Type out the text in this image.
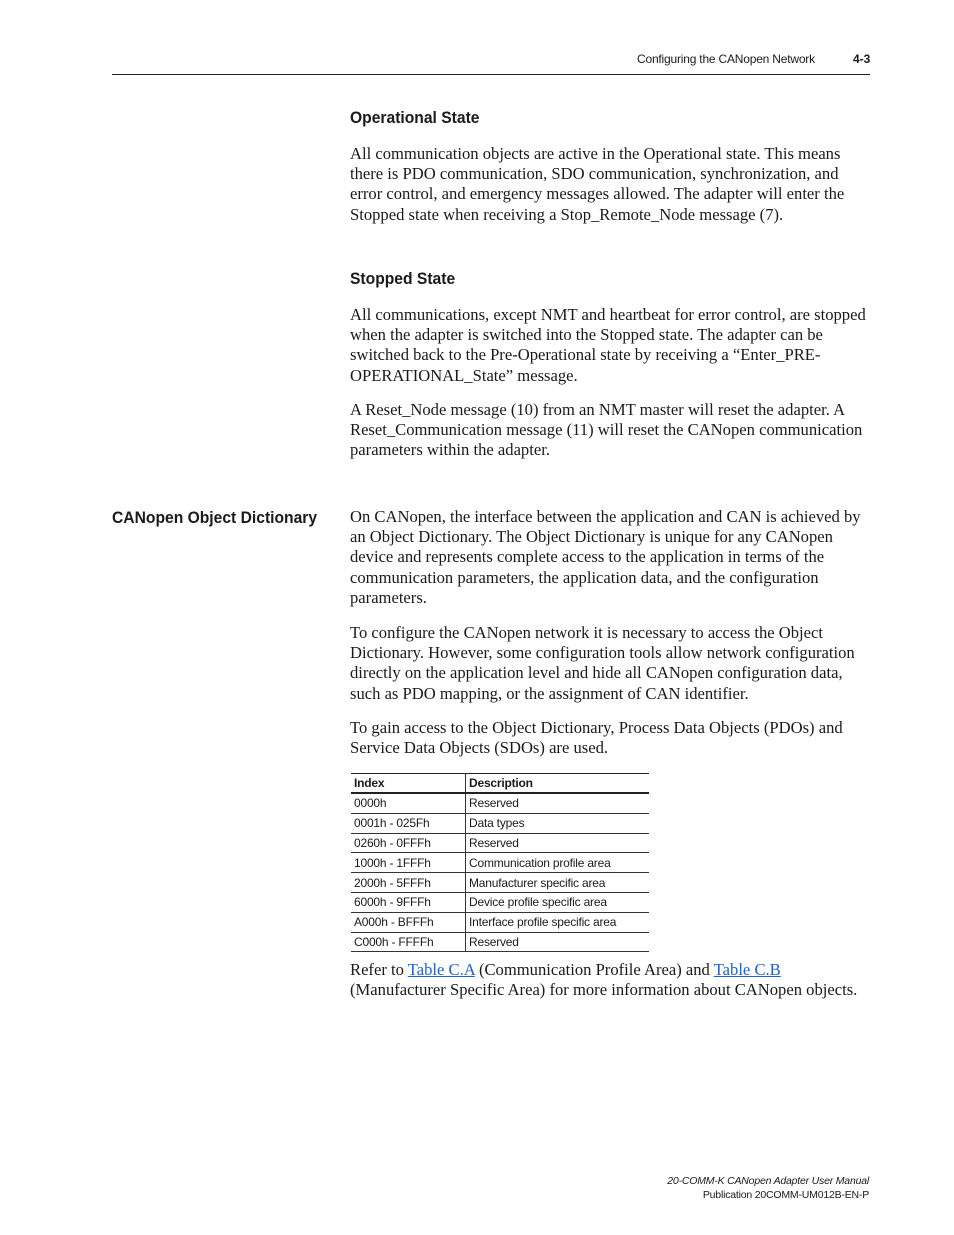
Configuring the CANopen Network	4-3
Operational State

All communication objects are active in the Operational state. This means there is PDO communication, SDO communication, synchronization, and error control, and emergency messages allowed. The adapter will enter the Stopped state when receiving a Stop_Remote_Node message (7).

Stopped State

All communications, except NMT and heartbeat for error control, are stopped when the adapter is switched into the Stopped state. The adapter can be switched back to the Pre-Operational state by receiving a “Enter_PRE-OPERATIONAL_State” message.

A Reset_Node message (10) from an NMT master will reset the adapter. A Reset_Communication message (11) will reset the CANopen communication parameters within the adapter.

CANopen Object Dictionary On CANopen, the interface between the application and CAN is achieved by an Object Dictionary. The Object Dictionary is unique for any CANopen device and represents complete access to the application in terms of the communication parameters, the application data, and the configuration parameters.

To configure the CANopen network it is necessary to access the Object Dictionary. However, some configuration tools allow network configuration directly on the application level and hide all CANopen configuration data, such as PDO mapping, or the assignment of CAN identifier.

To gain access to the Object Dictionary, Process Data Objects (PDOs) and Service Data Objects (SDOs) are used.

Index	Description
0000h	Reserved
0001h - 025Fh	Data types
0260h - 0FFFh	Reserved
1000h - 1FFFh	Communication profile area
2000h - 5FFFh	Manufacturer specific area
6000h - 9FFFh	Device profile specific area
A000h - BFFFh	Interface profile specific area
C000h - FFFFh	Reserved

Refer to Table C.A (Communication Profile Area) and Table C.B (Manufacturer Specific Area) for more information about CANopen objects.

20-COMM-K CANopen Adapter User Manual
Publication 20COMM-UM012B-EN-P
